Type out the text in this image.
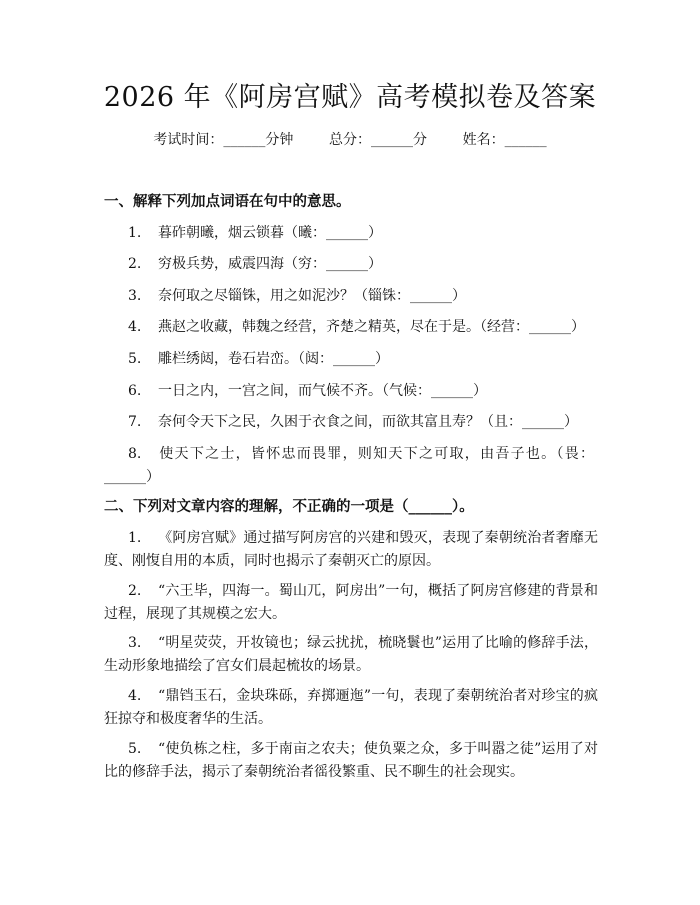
2026 年《阿房宫赋》高考模拟卷及答案
考试时间：______分钟	总分：______分	姓名：______
一、解释下列加点词语在句中的意思。
1. 暮砟朝曦，烟云锁暮（曦：______）
2. 穷极兵势，威震四海（穷：______）
3. 奈何取之尽锱铢，用之如泥沙？（锱铢：______）
4. 燕赵之收藏，韩魏之经营，齐楚之精英，尽在于是。（经营：______）
5. 雕栏绣闼，卷石岩峦。（闼：______）
6. 一日之内，一宫之间，而气候不齐。（气候：______）
7. 奈何令天下之民，久困于衣食之间，而欲其富且寿？（且：______）
8. 使天下之士，皆怀忠而畏罪，则知天下之可取，由吾子也。（畏：______）
二、下列对文章内容的理解，不正确的一项是（______）。
1. 《阿房宫赋》通过描写阿房宫的兴建和毁灭，表现了秦朝统治者奢靡无度、刚愎自用的本质，同时也揭示了秦朝灭亡的原因。
2. “六王毕，四海一。蜀山兀，阿房出”一句，概括了阿房宫修建的背景和过程，展现了其规模之宏大。
3. “明星荧荧，开妆镜也；绿云扰扰，梳晓鬟也”运用了比喻的修辞手法，生动形象地描绘了宫女们晨起梳妆的场景。
4. “鼎铛玉石，金块珠砾，弃掷逦迤”一句，表现了秦朝统治者对珍宝的疯狂掠夺和极度奢华的生活。
5. “使负栋之柱，多于南亩之农夫；使负粟之众，多于叫嚣之徒”运用了对比的修辞手法，揭示了秦朝统治者徭役繁重、民不聊生的社会现实。
